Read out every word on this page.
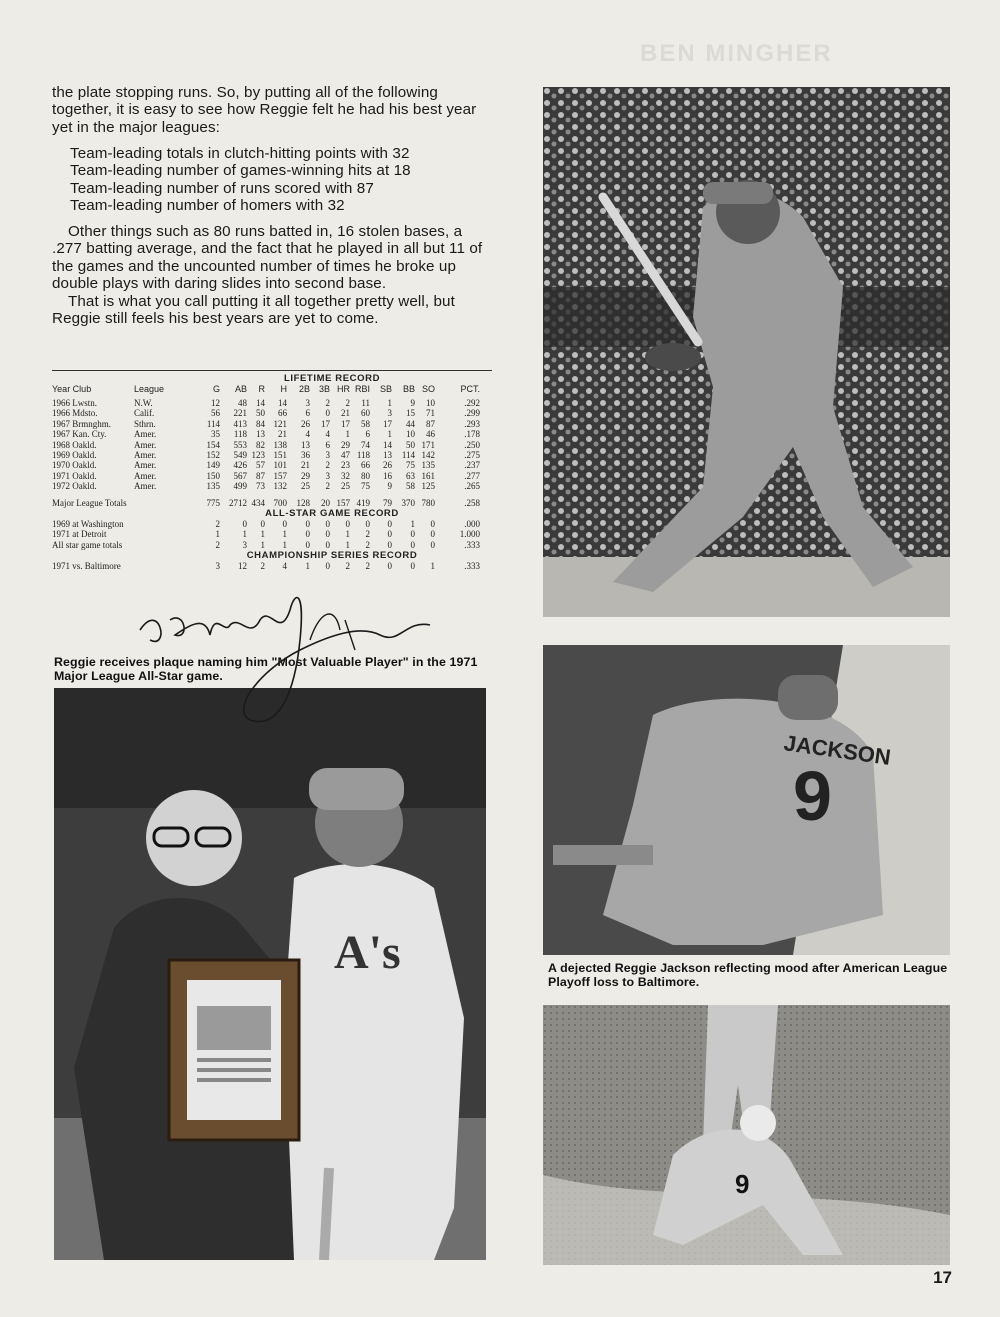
BEN MINGHER

the plate stopping runs. So, by putting all of the following together, it is easy to see how Reggie felt he had his best year yet in the major leagues:

Team-leading totals in clutch-hitting points with 32
Team-leading number of games-winning hits at 18
Team-leading number of runs scored with 87
Team-leading number of homers with 32

Other things such as 80 runs batted in, 16 stolen bases, a .277 batting average, and the fact that he played in all but 11 of the games and the uncounted number of times he broke up double plays with daring slides into second base.

That is what you call putting it all together pretty well, but Reggie still feels his best years are yet to come.

LIFETIME RECORD
Year Club	League	G AB R H 2B 3B HR RBI SB BB SO	PCT.
1966 Lwstn.	N.W.	12 48 14 14 3 2 2 11 1 9 10	.292
1966 Mdsto.	Calif.	56 221 50 66 6 0 21 60 3 15 71	.299
1967 Brmnghm.	Sthrn.	114 413 84 121 26 17 17 58 17 44 87	.293
1967 Kan. Cty.	Amer.	35 118 13 21 4 4 1 6 1 10 46	.178
1968 Oakld.	Amer.	154 553 82 138 13 6 29 74 14 50 171	.250
1969 Oakld.	Amer.	152 549 123 151 36 3 47 118 13 114 142	.275
1970 Oakld.	Amer.	149 426 57 101 21 2 23 66 26 75 135	.237
1971 Oakld.	Amer.	150 567 87 157 29 3 32 80 16 63 161	.277
1972 Oakld.	Amer.	135 499 73 132 25 2 25 75 9 58 125	.265
Major League Totals	775 2712 434 700 128 20 157 419 79 370 780	.258
ALL-STAR GAME RECORD
1969 at Washington	2	0 0 0 0 0 0 0 0 1 0	.000
1971 at Detroit	1	1 1 1 0 0 1 2 0 0 0	1.000
All star game totals	2	3 1 1 0 0 1 2 0 0 0	.333
CHAMPIONSHIP SERIES RECORD
1971 vs. Baltimore	3 12 2 4 1 0 2 2 0 0 1	.333
JACKSON
9
9
A's
Reggie receives plaque naming him "Most Valuable Player" in the 1971 Major League All-Star game.
A dejected Reggie Jackson reflecting mood after American League Playoff loss to Baltimore.
17
